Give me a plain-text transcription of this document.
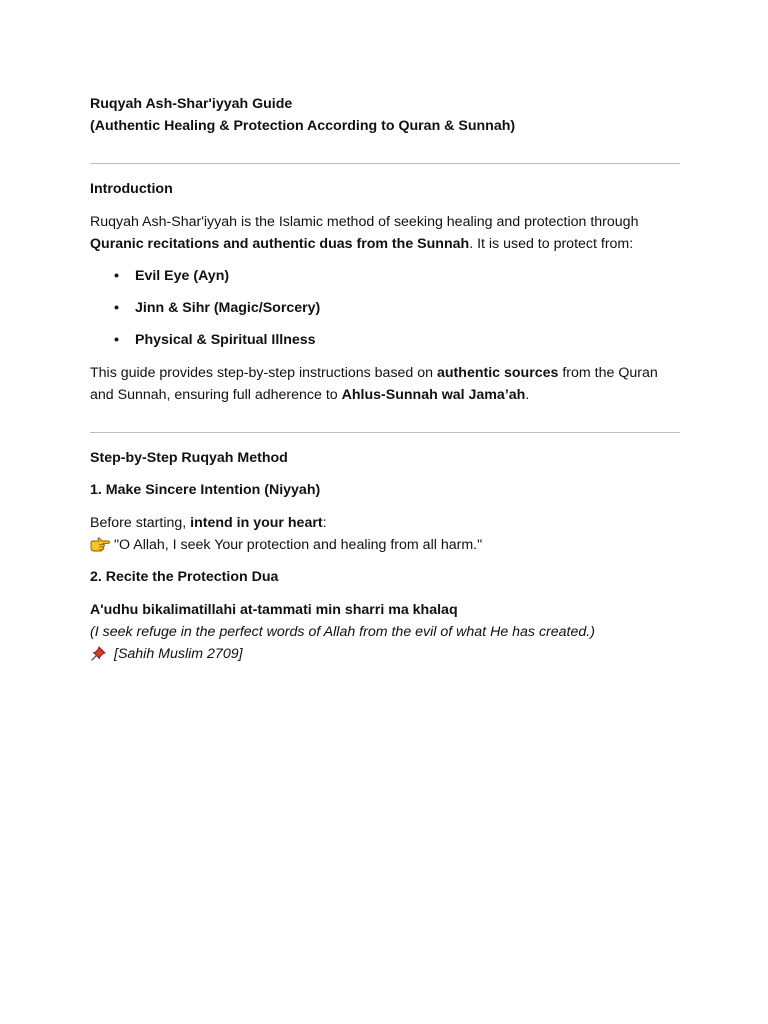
Ruqyah Ash-Shar'iyyah Guide

(Authentic Healing & Protection According to Quran & Sunnah)

Introduction

Ruqyah Ash-Shar'iyyah is the Islamic method of seeking healing and protection through
Quranic recitations and authentic duas from the Sunnah. It is used to protect from:

• Evil Eye (Ayn)
• Jinn & Sihr (Magic/Sorcery)
• Physical & Spiritual Illness

This guide provides step-by-step instructions based on authentic sources from the Quran and Sunnah, ensuring full adherence to Ahlus-Sunnah wal Jama’ah.

Step-by-Step Ruqyah Method

1. Make Sincere Intention (Niyyah)

Before starting, intend in your heart:

"O Allah, I seek Your protection and healing from all harm."

2. Recite the Protection Dua

A'udhu bikalimatillahi at-tammati min sharri ma khalaq

(I seek refuge in the perfect words of Allah from the evil of what He has created.)

[Sahih Muslim 2709]
